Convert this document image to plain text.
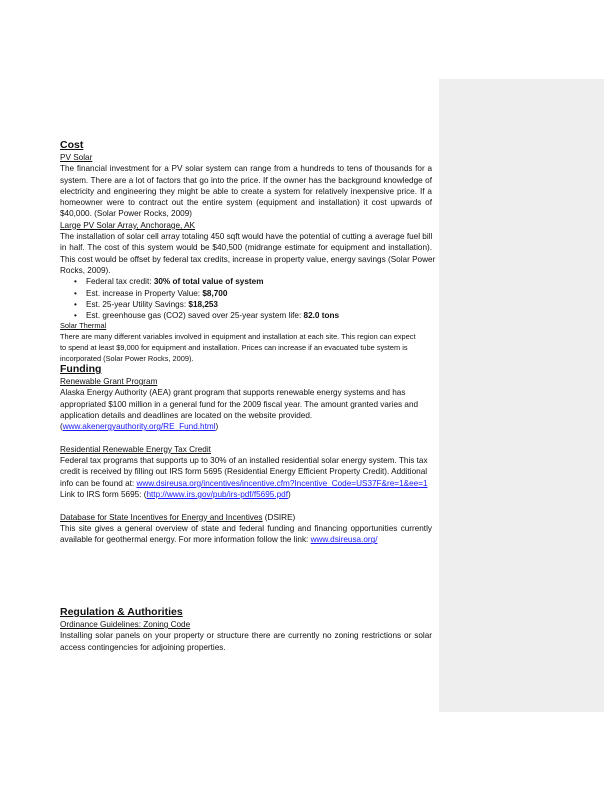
Cost
PV Solar
The financial investment for a PV solar system can range from a hundreds to tens of thousands for a
system. There are a lot of factors that go into the price. If the owner has the background knowledge of
electricity and engineering they might be able to create a system for relatively inexpensive price. If a
homeowner were to contract out the entire system (equipment and installation) it cost upwards of
$40,000. (Solar Power Rocks, 2009)
Large PV Solar Array, Anchorage, AK
The installation of solar cell array totaling 450 sqft would have the potential of cutting a average fuel bill
in half. The cost of this system would be $40,500 (midrange estimate for equipment and installation).
This cost would be offset by federal tax credits, increase in property value, energy savings (Solar Power
Rocks, 2009).
• Federal tax credit: 30% of total value of system
• Est. increase in Property Value: $8,700
• Est. 25-year Utility Savings: $18,253
• Est. greenhouse gas (CO2) saved over 25-year system life: 82.0 tons
Solar Thermal
There are many different variables involved in equipment and installation at each site. This region can expect
to spend at least $9,000 for equipment and installation. Prices can increase if an evacuated tube system is
incorporated (Solar Power Rocks, 2009).
Funding
Renewable Grant Program
Alaska Energy Authority (AEA) grant program that supports renewable energy systems and has
appropriated $100 million in a general fund for the 2009 fiscal year. The amount granted varies and
application details and deadlines are located on the website provided.
(www.akenergyauthority.org/RE_Fund.html)
Residential Renewable Energy Tax Credit
Federal tax programs that supports up to 30% of an installed residential solar energy system. This tax
credit is received by filling out IRS form 5695 (Residential Energy Efficient Property Credit). Additional
info can be found at: www.dsireusa.org/incentives/incentive.cfm?Incentive_Code=US37F&re=1&ee=1
Link to IRS form 5695: (http://www.irs.gov/pub/irs-pdf/f5695.pdf)
Database for State Incentives for Energy and Incentives (DSIRE)
This site gives a general overview of state and federal funding and financing opportunities currently
available for geothermal energy. For more information follow the link: www.dsireusa.org/
Regulation & Authorities
Ordinance Guidelines: Zoning Code
Installing solar panels on your property or structure there are currently no zoning restrictions or solar
access contingencies for adjoining properties.
